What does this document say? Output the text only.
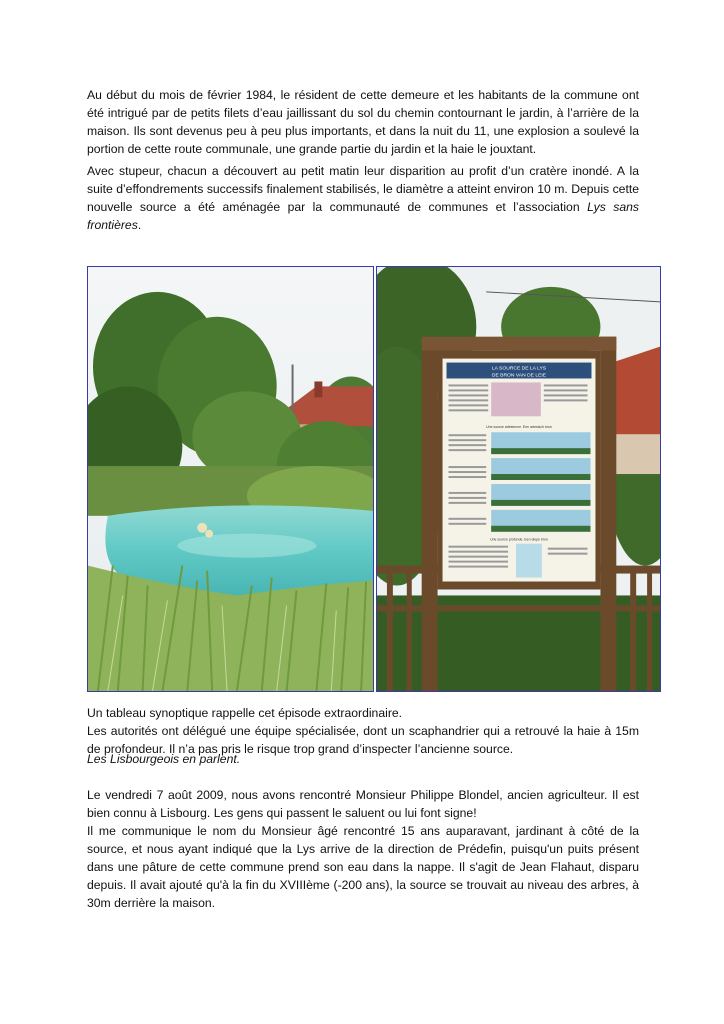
Au début du mois de février 1984, le résident de cette demeure et les habitants de la commune ont été intrigué par de petits filets d’eau jaillissant du sol du chemin contournant le jardin, à l’arrière de la maison. Ils sont devenus peu à peu plus importants, et dans la nuit du 11, une explosion a soulevé la portion de cette route communale, une grande partie du jardin et la haie le jouxtant.

Avec stupeur, chacun a découvert au petit matin leur disparition au profit d’un cratère inondé. A la suite d’effondrements successifs finalement stabilisés, le diamètre a atteint environ 10 m. Depuis cette nouvelle source a été aménagée par la communauté de communes et l’association Lys sans frontières.

LA SOURCE DE LA LYS
DE BRON VAN DE LEIE
Une source artésienne. Een artesisch bron
Une source profonde. Een diepe bron

Un tableau synoptique rappelle cet épisode extraordinaire.
Les autorités ont délégué une équipe spécialisée, dont un scaphandrier qui a retrouvé la haie à 15m de profondeur. Il n’a pas pris le risque trop grand d’inspecter l’ancienne source.

Les Lisbourgeois en parlent.

Le vendredi 7 août 2009, nous avons rencontré Monsieur Philippe Blondel, ancien agriculteur. Il est bien connu à Lisbourg. Les gens qui passent le saluent ou lui font signe!

Il me communique le nom du Monsieur âgé rencontré 15 ans auparavant, jardinant à côté de la source, et nous ayant indiqué que la Lys arrive de la direction de Prédefin, puisqu'un puits présent dans une pâture de cette commune prend son eau dans la nappe. Il s'agit de Jean Flahaut, disparu depuis. Il avait ajouté qu'à la fin du XVIIIème (-200 ans), la source se trouvait au niveau des arbres, à 30m derrière la maison.
